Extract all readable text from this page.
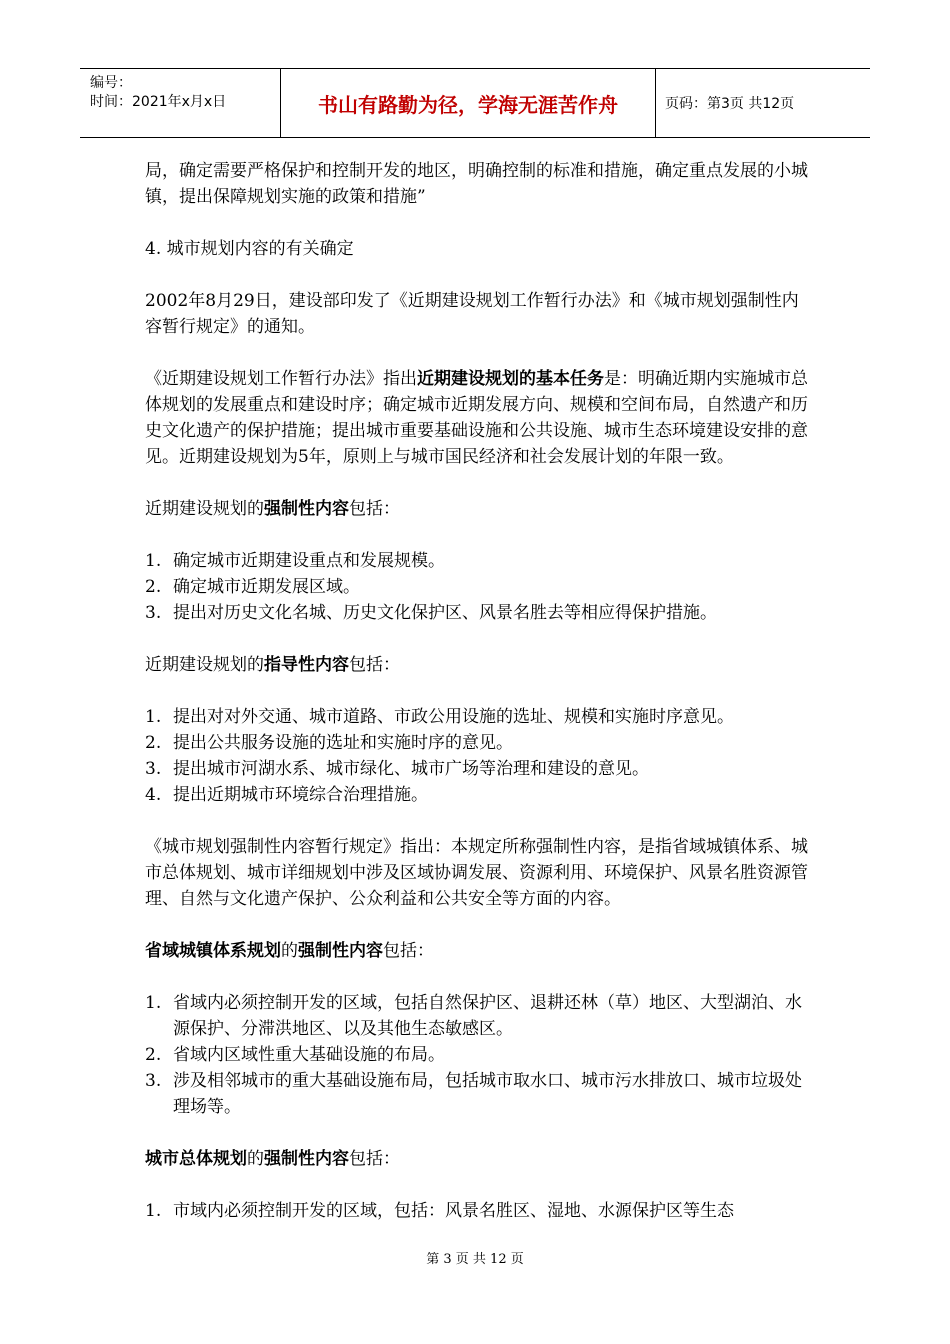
编号：
时间：2021年x月x日	书山有路勤为径，学海无涯苦作舟	页码：第3页 共12页

局，确定需要严格保护和控制开发的地区，明确控制的标准和措施，确定重点发展的小城镇，提出保障规划实施的政策和措施”

4. 城市规划内容的有关确定

2002年8月29日，建设部印发了《近期建设规划工作暂行办法》和《城市规划强制性内容暂行规定》的通知。

《近期建设规划工作暂行办法》指出近期建设规划的基本任务是：明确近期内实施城市总体规划的发展重点和建设时序；确定城市近期发展方向、规模和空间布局，自然遗产和历史文化遗产的保护措施；提出城市重要基础设施和公共设施、城市生态环境建设安排的意见。近期建设规划为5年，原则上与城市国民经济和社会发展计划的年限一致。

近期建设规划的强制性内容包括：

1. 确定城市近期建设重点和发展规模。
2. 确定城市近期发展区域。
3. 提出对历史文化名城、历史文化保护区、风景名胜去等相应得保护措施。

近期建设规划的指导性内容包括：

1. 提出对对外交通、城市道路、市政公用设施的选址、规模和实施时序意见。
2. 提出公共服务设施的选址和实施时序的意见。
3. 提出城市河湖水系、城市绿化、城市广场等治理和建设的意见。
4. 提出近期城市环境综合治理措施。

《城市规划强制性内容暂行规定》指出：本规定所称强制性内容，是指省域城镇体系、城市总体规划、城市详细规划中涉及区域协调发展、资源利用、环境保护、风景名胜资源管理、自然与文化遗产保护、公众利益和公共安全等方面的内容。

省域城镇体系规划的强制性内容包括：

1. 省域内必须控制开发的区域，包括自然保护区、退耕还林（草）地区、大型湖泊、水源保护、分滞洪地区、以及其他生态敏感区。
2. 省域内区域性重大基础设施的布局。
3. 涉及相邻城市的重大基础设施布局，包括城市取水口、城市污水排放口、城市垃圾处理场等。

城市总体规划的强制性内容包括：

1. 市域内必须控制开发的区域，包括：风景名胜区、湿地、水源保护区等生态
第 3 页 共 12 页
